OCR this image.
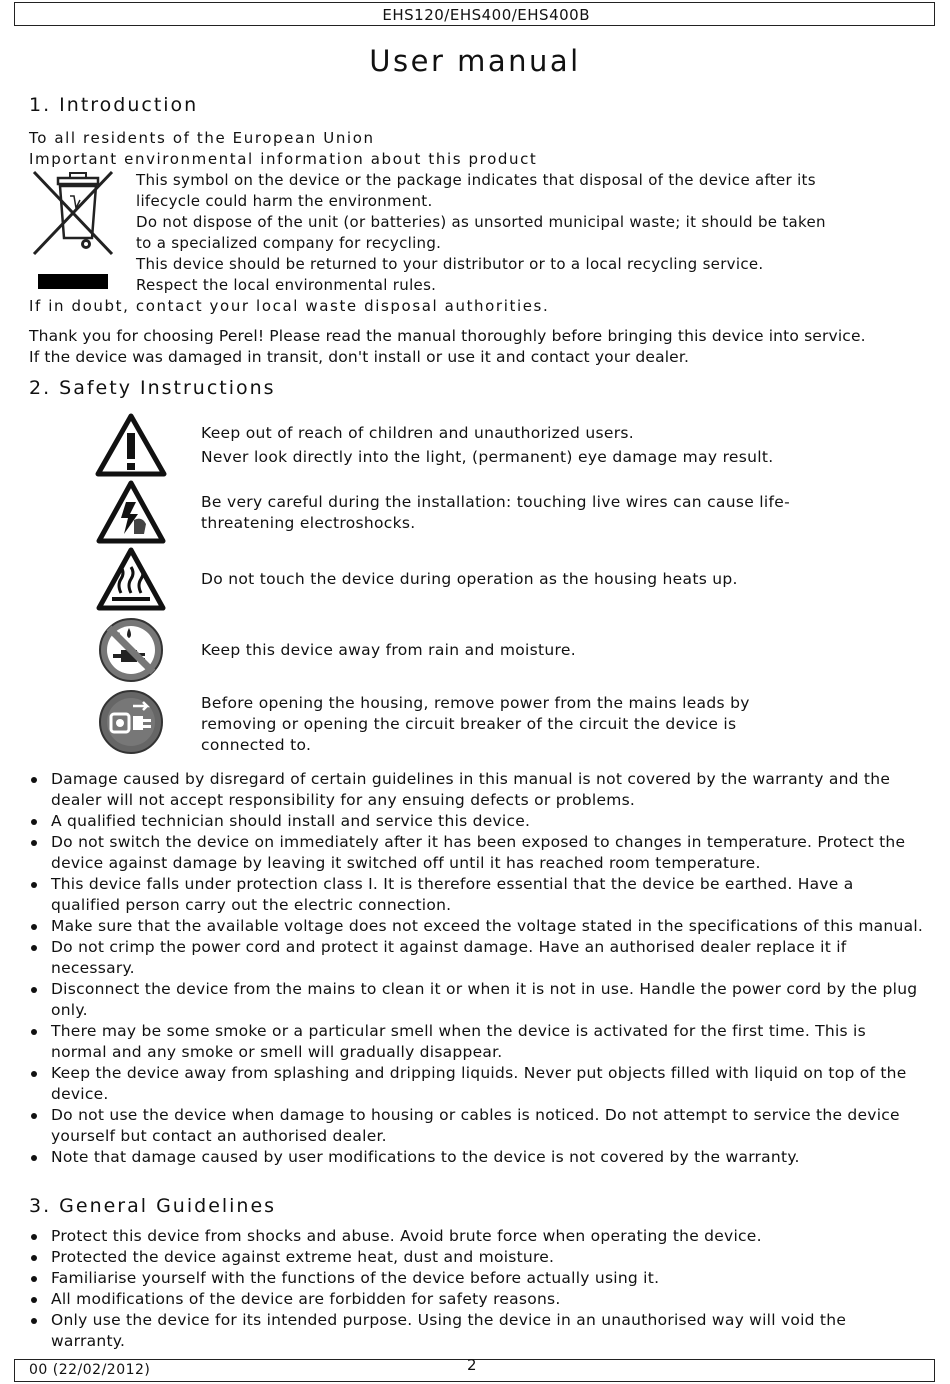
EHS120/EHS400/EHS400B
User manual
1. Introduction
To all residents of the European Union
Important environmental information about this product
This symbol on the device or the package indicates that disposal of the device after its
lifecycle could harm the environment.
Do not dispose of the unit (or batteries) as unsorted municipal waste; it should be taken
to a specialized company for recycling.
This device should be returned to your distributor or to a local recycling service.
Respect the local environmental rules.
If in doubt, contact your local waste disposal authorities.
Thank you for choosing Perel! Please read the manual thoroughly before bringing this device into service.
If the device was damaged in transit, don't install or use it and contact your dealer.
2. Safety Instructions
Keep out of reach of children and unauthorized users.
Never look directly into the light, (permanent) eye damage may result.
Be very careful during the installation: touching live wires can cause life-
threatening electroshocks.
Do not touch the device during operation as the housing heats up.
Keep this device away from rain and moisture.
Before opening the housing, remove power from the mains leads by
removing or opening the circuit breaker of the circuit the device is
connected to.
Damage caused by disregard of certain guidelines in this manual is not covered by the warranty and the dealer will not accept responsibility for any ensuing defects or problems.
A qualified technician should install and service this device.
Do not switch the device on immediately after it has been exposed to changes in temperature. Protect the device against damage by leaving it switched off until it has reached room temperature.
This device falls under protection class I. It is therefore essential that the device be earthed. Have a qualified person carry out the electric connection.
Make sure that the available voltage does not exceed the voltage stated in the specifications of this manual.
Do not crimp the power cord and protect it against damage. Have an authorised dealer replace it if necessary.
Disconnect the device from the mains to clean it or when it is not in use. Handle the power cord by the plug only.
There may be some smoke or a particular smell when the device is activated for the first time. This is normal and any smoke or smell will gradually disappear.
Keep the device away from splashing and dripping liquids. Never put objects filled with liquid on top of the device.
Do not use the device when damage to housing or cables is noticed. Do not attempt to service the device yourself but contact an authorised dealer.
Note that damage caused by user modifications to the device is not covered by the warranty.
3. General Guidelines
Protect this device from shocks and abuse. Avoid brute force when operating the device.
Protected the device against extreme heat, dust and moisture.
Familiarise yourself with the functions of the device before actually using it.
All modifications of the device are forbidden for safety reasons.
Only use the device for its intended purpose. Using the device in an unauthorised way will void the warranty.
00 (22/02/2012)	2
